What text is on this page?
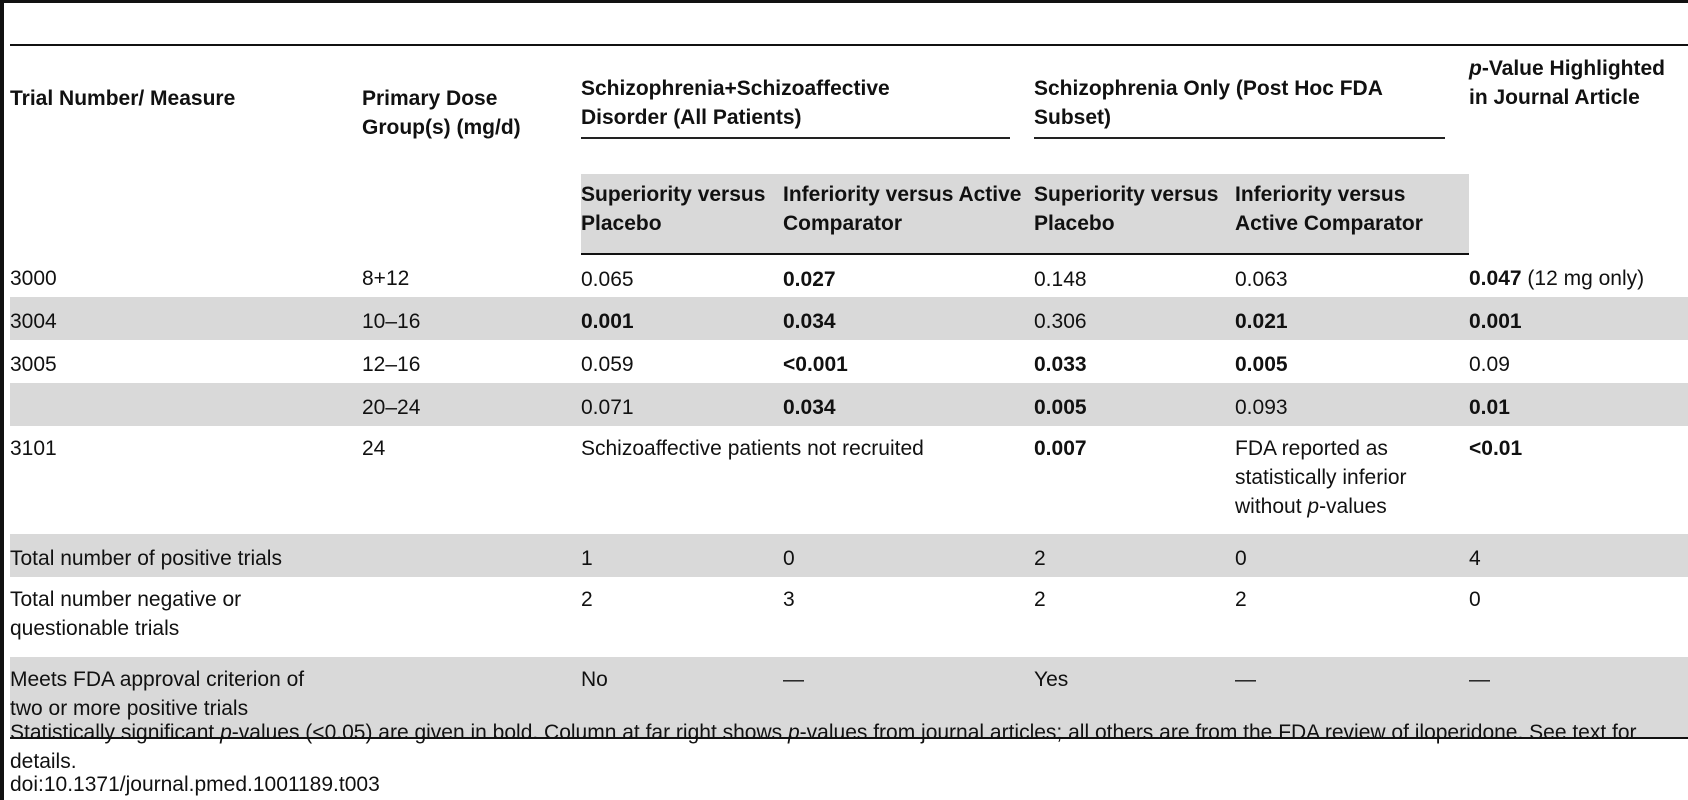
Trial Number/ Measure	Primary Dose Group(s) (mg/d)	Schizophrenia+Schizoaffective Disorder (All Patients)		Schizophrenia Only (Post Hoc FDA Subset)		p-Value Highlighted in Journal Article
		Superiority versus Placebo	Inferiority versus Active Comparator	Superiority versus Placebo	Inferiority versus Active Comparator	
3000	8+12	0.065	0.027	0.148	0.063	0.047 (12 mg only)
3004	10–16	0.001	0.034	0.306	0.021	0.001
3005	12–16	0.059	<0.001	0.033	0.005	0.09
	20–24	0.071	0.034	0.005	0.093	0.01
3101	24	Schizoaffective patients not recruited		0.007	FDA reported as statistically inferior without p-values	<0.01
Total number of positive trials		1	0	2	0	4
Total number negative or questionable trials		2	3	2	2	0
Meets FDA approval criterion of two or more positive trials		No	—	Yes	—	—
Statistically significant p-values (<0.05) are given in bold. Column at far right shows p-values from journal articles; all others are from the FDA review of iloperidone. See text for details.
doi:10.1371/journal.pmed.1001189.t003
